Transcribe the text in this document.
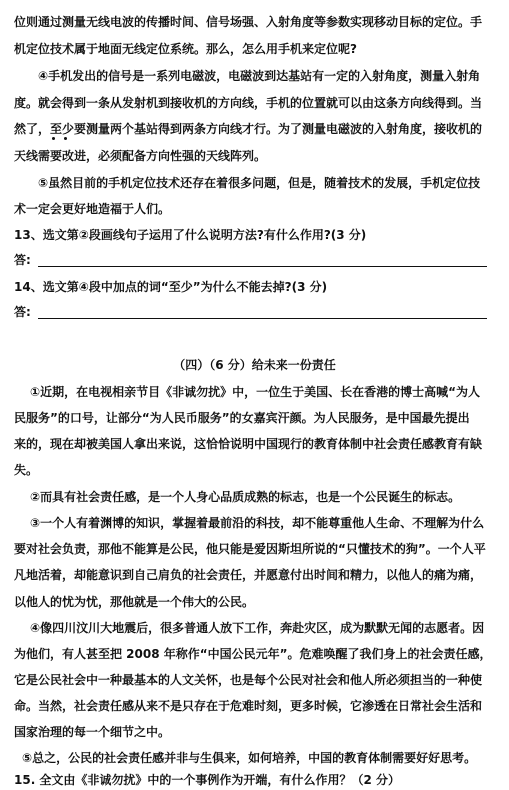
位则通过测量无线电波的传播时间、信号场强、入射角度等参数实现移动目标的定位。手
机定位技术属于地面无线定位系统。那么，怎么用手机来定位呢?
④手机发出的信号是一系列电磁波，电磁波到达基站有一定的入射角度，测量入射角
度。就会得到一条从发射机到接收机的方向线，手机的位置就可以由这条方向线得到。当
然了，至少要测量两个基站得到两条方向线才行。为了测量电磁波的入射角度，接收机的
天线需要改进，必须配备方向性强的天线阵列。
⑤虽然目前的手机定位技术还存在着很多问题，但是，随着技术的发展，手机定位技
术一定会更好地造福于人们。
13、选文第②段画线句子运用了什么说明方法?有什么作用?(3 分)
答:
14、选文第④段中加点的词“至少”为什么不能去掉?(3 分)
答:
（四）（6 分）给未来一份责任
①近期，在电视相亲节目《非诚勿扰》中，一位生于美国、长在香港的博士高喊“为人
民服务”的口号，让部分“为人民币服务”的女嘉宾汗颜。为人民服务，是中国最先提出
来的，现在却被美国人拿出来说，这恰恰说明中国现行的教育体制中社会责任感教育有缺
失。
②而具有社会责任感，是一个人身心品质成熟的标志，也是一个公民诞生的标志。
③一个人有着渊博的知识，掌握着最前沿的科技，却不能尊重他人生命、不理解为什么
要对社会负责，那他不能算是公民，他只能是爱因斯坦所说的“只懂技术的狗”。一个人平
凡地活着，却能意识到自己肩负的社会责任，并愿意付出时间和精力，以他人的痛为痛，
以他人的忧为忧，那他就是一个伟大的公民。
④像四川汶川大地震后，很多普通人放下工作，奔赴灾区，成为默默无闻的志愿者。因
为他们，有人甚至把 2008 年称作“中国公民元年”。危难唤醒了我们身上的社会责任感，
它是公民社会中一种最基本的人文关怀，也是每个公民对社会和他人所必须担当的一种使
命。当然，社会责任感从来不是只存在于危难时刻，更多时候，它渗透在日常社会生活和
国家治理的每一个细节之中。
⑤总之，公民的社会责任感并非与生俱来，如何培养，中国的教育体制需要好好思考。
15. 全文由《非诚勿扰》中的一个事例作为开端，有什么作用？（2 分）
